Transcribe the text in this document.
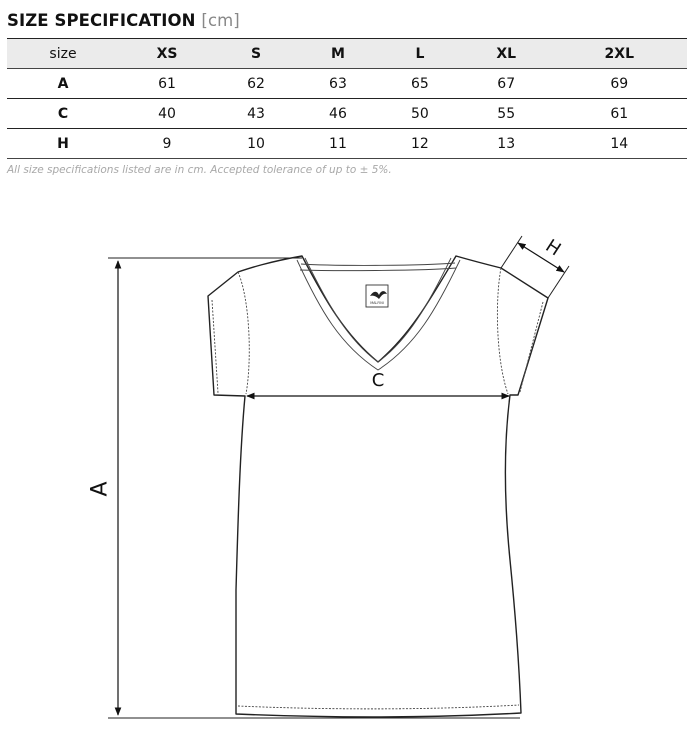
SIZE SPECIFICATION [cm]
size	XS	S	M	L	XL	2XL
A	61	62	63	65	67	69
C	40	43	46	50	55	61
H	9	10	11	12	13	14
All size specifications listed are in cm. Accepted tolerance of up to ± 5%.
MALFINI
A
C
H
